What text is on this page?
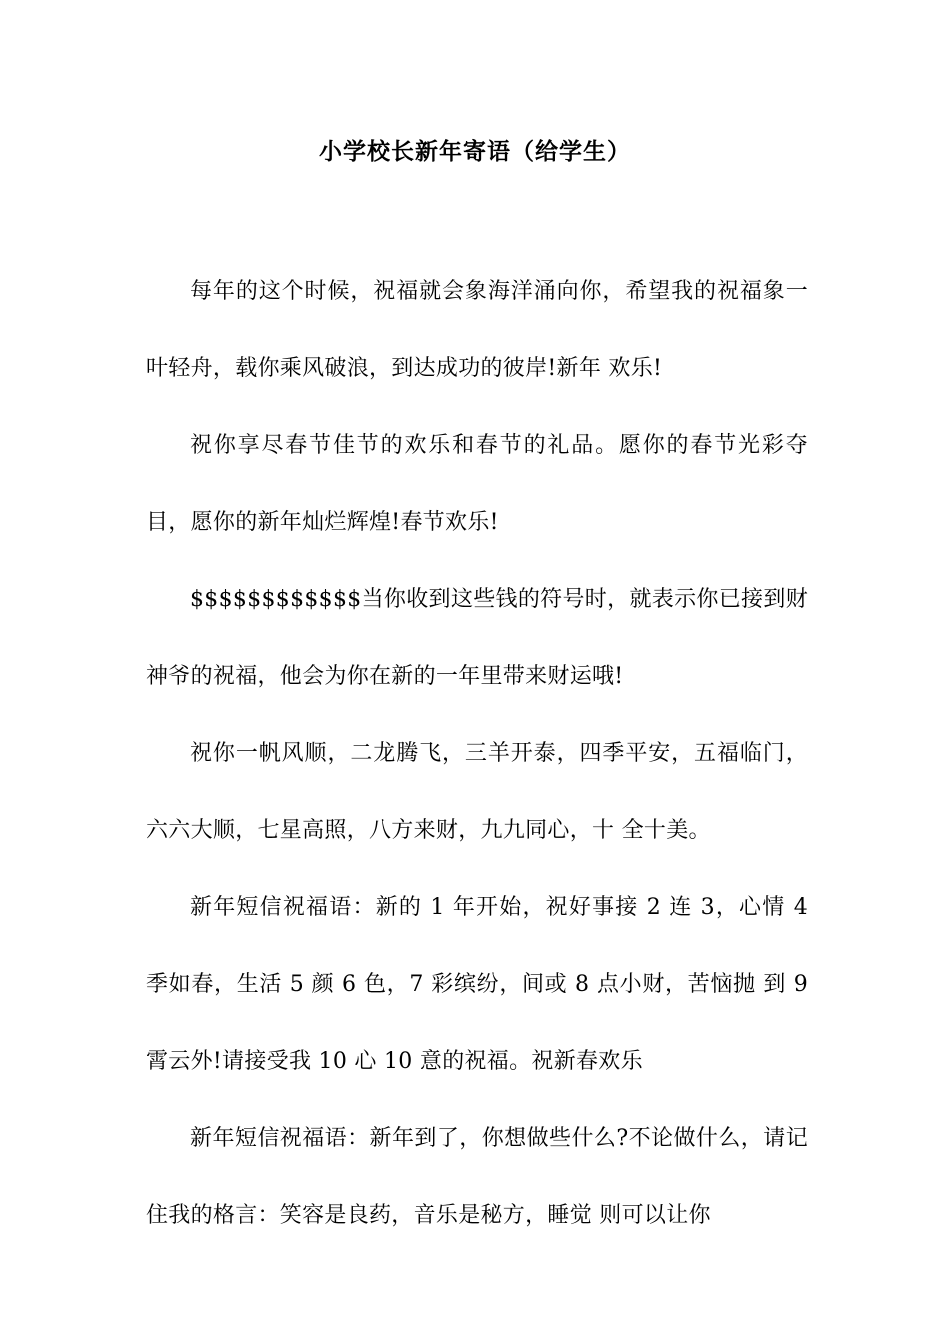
小学校长新年寄语（给学生）

每年的这个时候，祝福就会象海洋涌向你，希望我的祝福象一叶轻舟，载你乘风破浪，到达成功的彼岸!新年 欢乐!

祝你享尽春节佳节的欢乐和春节的礼品。愿你的春节光彩夺目，愿你的新年灿烂辉煌!春节欢乐!

$$$$$$$$$$$$当你收到这些钱的符号时，就表示你已接到财神爷的祝福，他会为你在新的一年里带来财运哦!

祝你一帆风顺，二龙腾飞，三羊开泰，四季平安，五福临门，六六大顺，七星高照，八方来财，九九同心，十 全十美。

新年短信祝福语：新的 1 年开始，祝好事接 2 连 3，心情 4 季如春，生活 5 颜 6 色，7 彩缤纷，间或 8 点小财，苦恼抛 到 9 霄云外!请接受我 10 心 10 意的祝福。祝新春欢乐

新年短信祝福语：新年到了，你想做些什么?不论做什么，请记住我的格言：笑容是良药，音乐是秘方，睡觉 则可以让你
